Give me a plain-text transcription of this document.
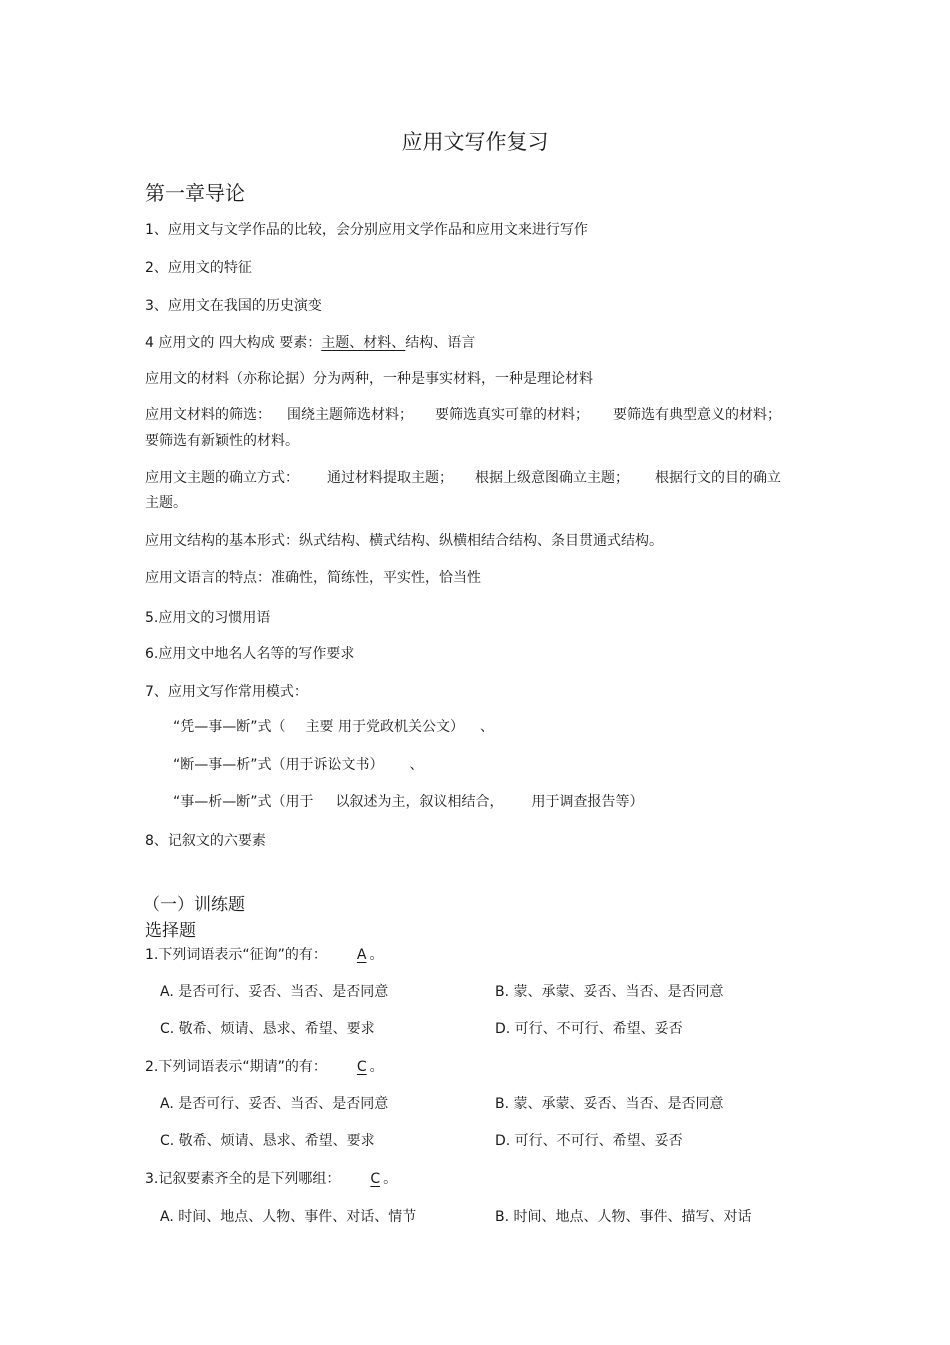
应用文写作复习
第一章导论
1、应用文与文学作品的比较，会分别应用文学作品和应用文来进行写作
2、应用文的特征
3、应用文在我国的历史演变
4 应用文的 四大构成 要素：主题、材料、结构、语言
应用文的材料（亦称论据）分为两种，一种是事实材料，一种是理论材料
应用文材料的筛选： 围绕主题筛选材料； 要筛选真实可靠的材料； 要筛选有典型意义的材料；
要筛选有新颖性的材料。
应用文主题的确立方式： 通过材料提取主题； 根据上级意图确立主题； 根据行文的目的确立
主题。
应用文结构的基本形式：纵式结构、横式结构、纵横相结合结构、条目贯通式结构。
应用文语言的特点：准确性，简练性，平实性，恰当性
5.应用文的习惯用语
6.应用文中地名人名等的写作要求
7、应用文写作常用模式：
“凭—事—断”式（ 主要 用于党政机关公文） 、
“断—事—析”式（用于诉讼文书） 、
“事—析—断”式（用于 以叙述为主，叙议相结合， 用于调查报告等）
8、记叙文的六要素
（一）训练题
选择题
1.下列词语表示“征询”的有： A 。
A. 是否可行、妥否、当否、是否同意	B. 蒙、承蒙、妥否、当否、是否同意
C. 敬希、烦请、恳求、希望、要求	D. 可行、不可行、希望、妥否
2.下列词语表示“期请”的有： C 。
A. 是否可行、妥否、当否、是否同意	B. 蒙、承蒙、妥否、当否、是否同意
C. 敬希、烦请、恳求、希望、要求	D. 可行、不可行、希望、妥否
3.记叙要素齐全的是下列哪组： C 。
A. 时间、地点、人物、事件、对话、情节	B. 时间、地点、人物、事件、描写、对话
